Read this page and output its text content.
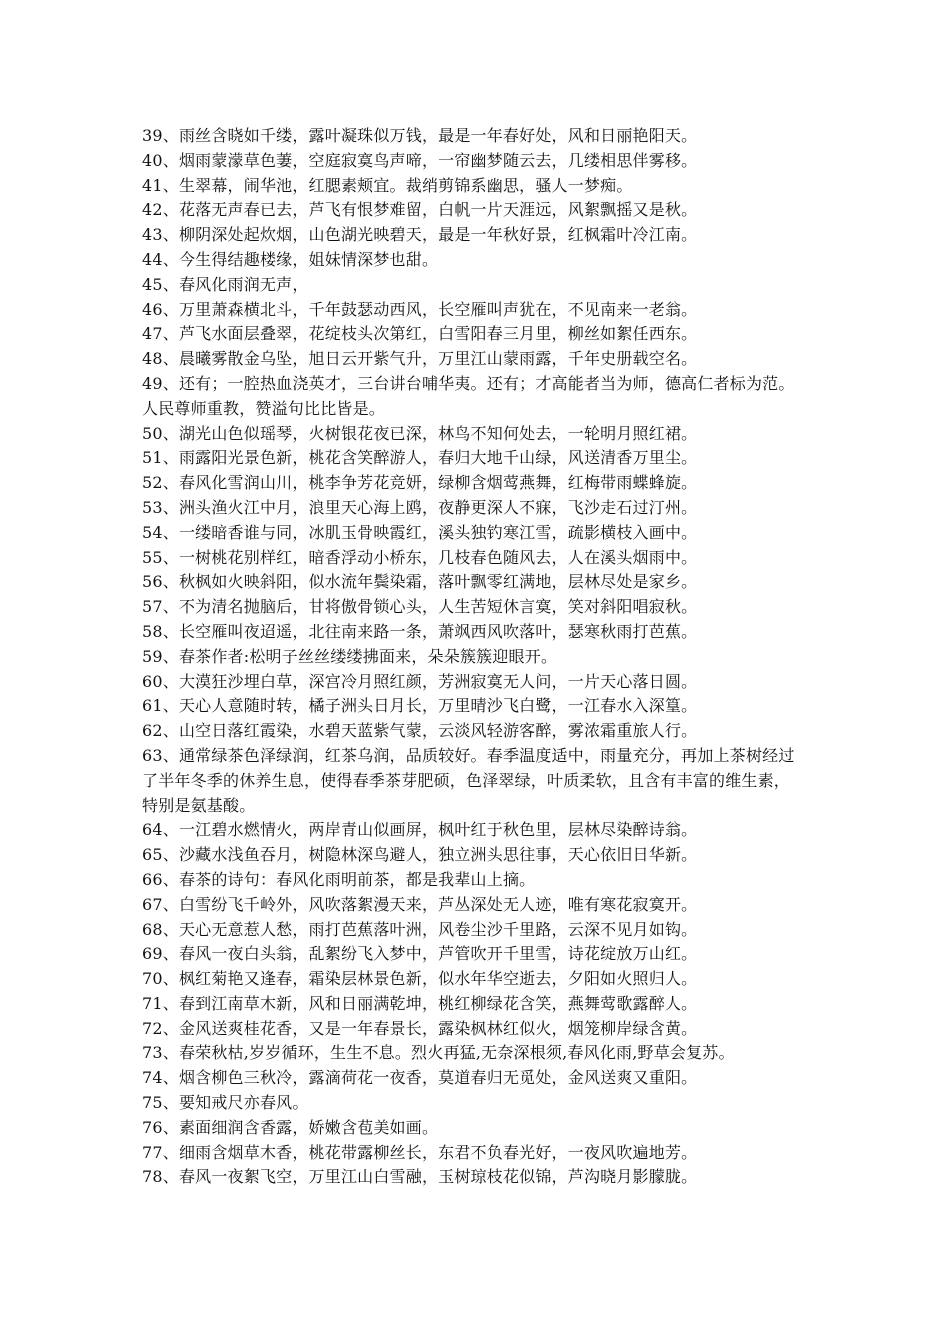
39、雨丝含晓如千缕，露叶凝珠似万钱，最是一年春好处，风和日丽艳阳天。

40、烟雨蒙濛草色萋，空庭寂寞鸟声啼，一帘幽梦随云去，几缕相思伴雾移。

41、生翠幕，闹华池，红腮素颊宜。裁绡剪锦系幽思，骚人一梦痴。

42、花落无声春已去，芦飞有恨梦难留，白帆一片天涯远，风絮飘摇又是秋。

43、柳阴深处起炊烟，山色湖光映碧天，最是一年秋好景，红枫霜叶冷江南。

44、今生得结趣楼缘，姐妹情深梦也甜。

45、春风化雨润无声，

46、万里萧森横北斗，千年鼓瑟动西风，长空雁叫声犹在，不见南来一老翁。

47、芦飞水面层叠翠，花绽枝头次第红，白雪阳春三月里，柳丝如絮任西东。

48、晨曦雾散金乌坠，旭日云开紫气升，万里江山蒙雨露，千年史册载空名。

49、还有；一腔热血浇英才，三台讲台哺华夷。还有；才高能者当为师，德高仁者标为范。人民尊师重教，赞溢句比比皆是。

50、湖光山色似瑶琴，火树银花夜已深，林鸟不知何处去，一轮明月照红裙。

51、雨露阳光景色新，桃花含笑醉游人，春归大地千山绿，风送清香万里尘。

52、春风化雪润山川，桃李争芳花竞妍，绿柳含烟莺燕舞，红梅带雨蝶蜂旋。

53、洲头渔火江中月，浪里天心海上鸥，夜静更深人不寐，飞沙走石过汀州。

54、一缕暗香谁与同，冰肌玉骨映霞红，溪头独钓寒江雪，疏影横枝入画中。

55、一树桃花别样红，暗香浮动小桥东，几枝春色随风去，人在溪头烟雨中。

56、秋枫如火映斜阳，似水流年鬓染霜，落叶飘零红满地，层林尽处是家乡。

57、不为清名抛脑后，甘将傲骨锁心头，人生苦短休言寞，笑对斜阳唱寂秋。

58、长空雁叫夜迢遥，北往南来路一条，萧飒西风吹落叶，瑟寒秋雨打芭蕉。

59、春茶作者:松明子丝丝缕缕拂面来，朵朵簇簇迎眼开。

60、大漠狂沙埋白草，深宫冷月照红颜，芳洲寂寞无人问，一片天心落日圆。

61、天心人意随时转，橘子洲头日月长，万里晴沙飞白鹭，一江春水入深篁。

62、山空日落红霞染，水碧天蓝紫气蒙，云淡风轻游客醉，雾浓霜重旅人行。

63、通常绿茶色泽绿润，红茶乌润，品质较好。春季温度适中，雨量充分，再加上茶树经过了半年冬季的休养生息，使得春季茶芽肥硕，色泽翠绿，叶质柔软，且含有丰富的维生素，特别是氨基酸。

64、一江碧水燃情火，两岸青山似画屏，枫叶红于秋色里，层林尽染醉诗翁。

65、沙藏水浅鱼吞月，树隐林深鸟避人，独立洲头思往事，天心依旧日华新。

66、春茶的诗句：春风化雨明前茶，都是我辈山上摘。

67、白雪纷飞千岭外，风吹落絮漫天来，芦丛深处无人迹，唯有寒花寂寞开。

68、天心无意惹人愁，雨打芭蕉落叶洲，风卷尘沙千里路，云深不见月如钩。

69、春风一夜白头翁，乱絮纷飞入梦中，芦管吹开千里雪，诗花绽放万山红。

70、枫红菊艳又逢春，霜染层林景色新，似水年华空逝去，夕阳如火照归人。

71、春到江南草木新，风和日丽满乾坤，桃红柳绿花含笑，燕舞莺歌露醉人。

72、金风送爽桂花香，又是一年春景长，露染枫林红似火，烟笼柳岸绿含黄。

73、春荣秋枯,岁岁循环，生生不息。烈火再猛,无奈深根须,春风化雨,野草会复苏。

74、烟含柳色三秋冷，露滴荷花一夜香，莫道春归无觅处，金风送爽又重阳。

75、要知戒尺亦春风。

76、素面细润含香露，娇嫩含苞美如画。

77、细雨含烟草木香，桃花带露柳丝长，东君不负春光好，一夜风吹遍地芳。

78、春风一夜絮飞空，万里江山白雪融，玉树琼枝花似锦，芦沟晓月影朦胧。
